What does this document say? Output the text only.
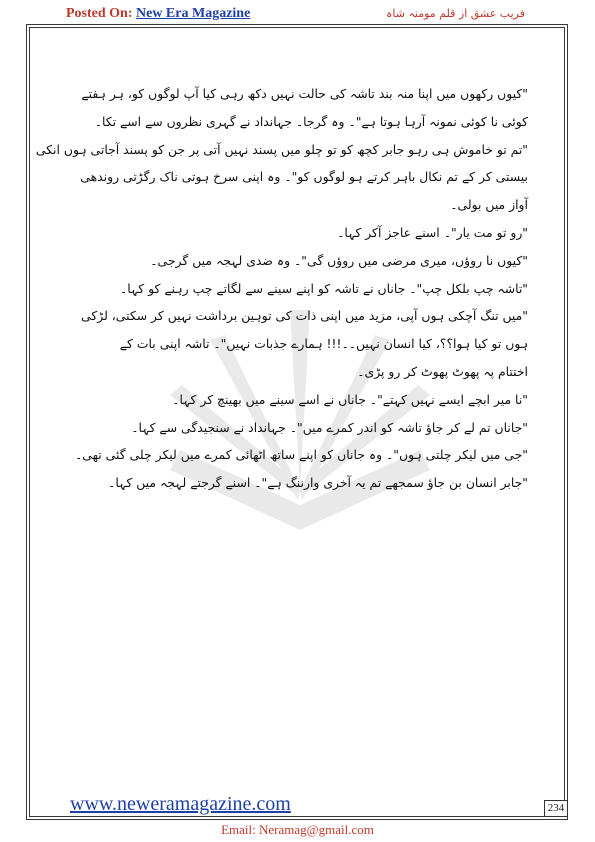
Posted On: New Era Magazine	فریب عشق از قلم مومنہ شاہ

"کیوں رکھوں میں اپنا منہ بند تاشہ کی حالت نہیں دکھ رہی کیا آپ لوگوں کو، ہر ہفتے
کوئی نا کوئی نمونہ آرہا ہوتا ہے"۔ وہ گرجا۔ جہانداد نے گہری نظروں سے اسے تکا۔

"تم تو خاموش ہی رہو جابر کچھ کو تو چلو میں پسند نہیں آتی پر جن کو پسند آجاتی ہوں انکی
بیستی کر کے تم نکال باہر کرتے ہو لوگوں کو"۔ وہ اپنی سرخ ہوتی ناک رگڑتی روندھی
آواز میں بولی۔

"رو تو مت یار"۔ اسنے عاجز آکر کہا۔

"کیوں نا روؤں، میری مرضی میں روؤں گی"۔ وہ ضدی لہجہ میں گرجی۔

"تاشہ چپ بلکل چپ"۔ جاناں نے تاشہ کو اپنے سینے سے لگاتے چپ رہنے کو کہا۔

"میں تنگ آچکی ہوں آپی، مزید میں اپنی ذات کی توہین برداشت نہیں کر سکتی، لڑکی
ہوں تو کیا ہوا؟؟، کیا انسان نہیں۔۔!!! ہمارے جذبات نہیں"۔ تاشہ اپنی بات کے
اختتام پہ پھوٹ پھوٹ کر رو پڑی۔

"نا میر ابچے ایسے نہیں کہتے"۔ جاناں نے اسے سینے میں بھینچ کر کہا۔

"جاناں تم لے کر جاؤ تاشہ کو اندر کمرے میں"۔ جہانداد نے سنجیدگی سے کہا۔

"جی میں لیکر چلتی ہوں"۔ وہ جاناں کو اپنے ساتھ اٹھائی کمرے میں لیکر چلی گئی تھی۔

"جابر انسان بن جاؤ سمجھے تم یہ آخری وارننگ ہے"۔ اسنے گرجتے لہجہ میں کہا۔

www.neweramagazine.com	234
Email: Neramag@gmail.com
